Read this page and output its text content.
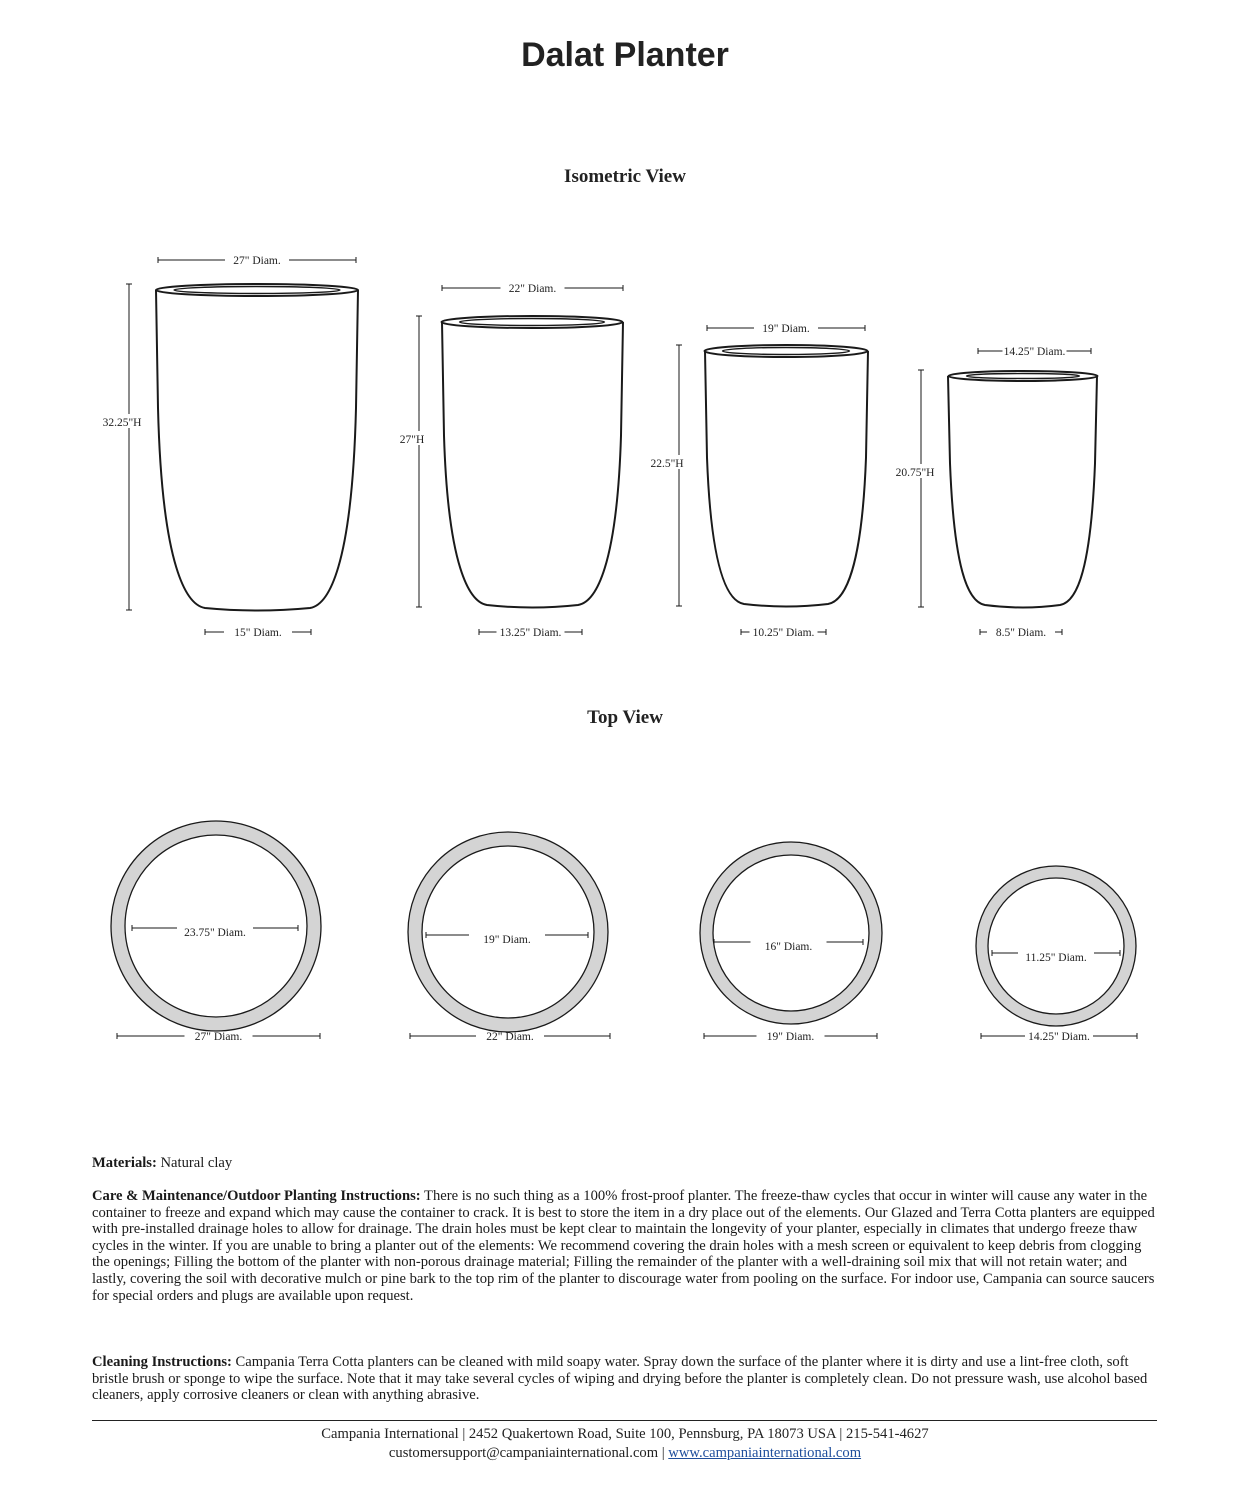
Dalat Planter
Isometric View
Top View
27" Diam.
15" Diam.
32.25"H
22" Diam.
13.25" Diam.
27"H
19" Diam.
10.25" Diam.
22.5"H
14.25" Diam.
8.5" Diam.
20.75"H
23.75" Diam.
27" Diam.
19" Diam.
22" Diam.
16" Diam.
19" Diam.
11.25" Diam.
14.25" Diam.
Materials: Natural clay
Care & Maintenance/Outdoor Planting Instructions: There is no such thing as a 100% frost-proof planter. The freeze-thaw cycles that occur in winter will cause any water in the container to freeze and expand which may cause the container to crack. It is best to store the item in a dry place out of the elements. Our Glazed and Terra Cotta planters are equipped with pre-installed drainage holes to allow for drainage. The drain holes must be kept clear to maintain the longevity of your planter, especially in climates that undergo freeze thaw cycles in the winter. If you are unable to bring a planter out of the elements: We recommend covering the drain holes with a mesh screen or equivalent to keep debris from clogging the openings; Filling the bottom of the planter with non-porous drainage material; Filling the remainder of the planter with a well-draining soil mix that will not retain water; and lastly, covering the soil with decorative mulch or pine bark to the top rim of the planter to discourage water from pooling on the surface. For indoor use, Campania can source saucers for special orders and plugs are available upon request.
Cleaning Instructions: Campania Terra Cotta planters can be cleaned with mild soapy water. Spray down the surface of the planter where it is dirty and use a lint-free cloth, soft bristle brush or sponge to wipe the surface. Note that it may take several cycles of wiping and drying before the planter is completely clean. Do not pressure wash, use alcohol based cleaners, apply corrosive cleaners or clean with anything abrasive.
Campania International | 2452 Quakertown Road, Suite 100, Pennsburg, PA 18073 USA | 215-541-4627
customersupport@campaniainternational.com | www.campaniainternational.com
